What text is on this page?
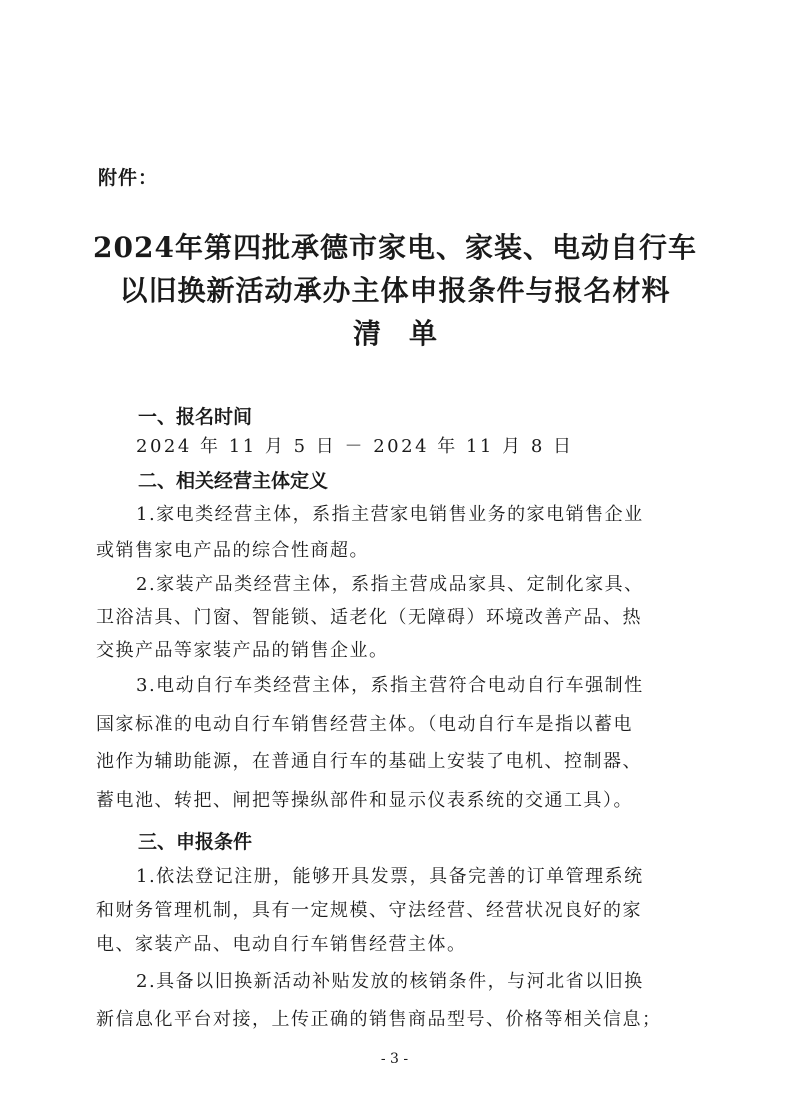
附件：
2024年第四批承德市家电、家装、电动自行车
以旧换新活动承办主体申报条件与报名材料
清单
一、报名时间
2024 年 11 月 5 日 － 2024 年 11 月 8 日
二、相关经营主体定义
1.家电类经营主体，系指主营家电销售业务的家电销售企业
或销售家电产品的综合性商超。
2.家装产品类经营主体，系指主营成品家具、定制化家具、
卫浴洁具、门窗、智能锁、适老化（无障碍）环境改善产品、热
交换产品等家装产品的销售企业。
3.电动自行车类经营主体，系指主营符合电动自行车强制性
国家标准的电动自行车销售经营主体。（电动自行车是指以蓄电
池作为辅助能源，在普通自行车的基础上安装了电机、控制器、
蓄电池、转把、闸把等操纵部件和显示仪表系统的交通工具）。
三、申报条件
1.依法登记注册，能够开具发票，具备完善的订单管理系统
和财务管理机制，具有一定规模、守法经营、经营状况良好的家
电、家装产品、电动自行车销售经营主体。
2.具备以旧换新活动补贴发放的核销条件，与河北省以旧换
新信息化平台对接，上传正确的销售商品型号、价格等相关信息；
- 3 -
